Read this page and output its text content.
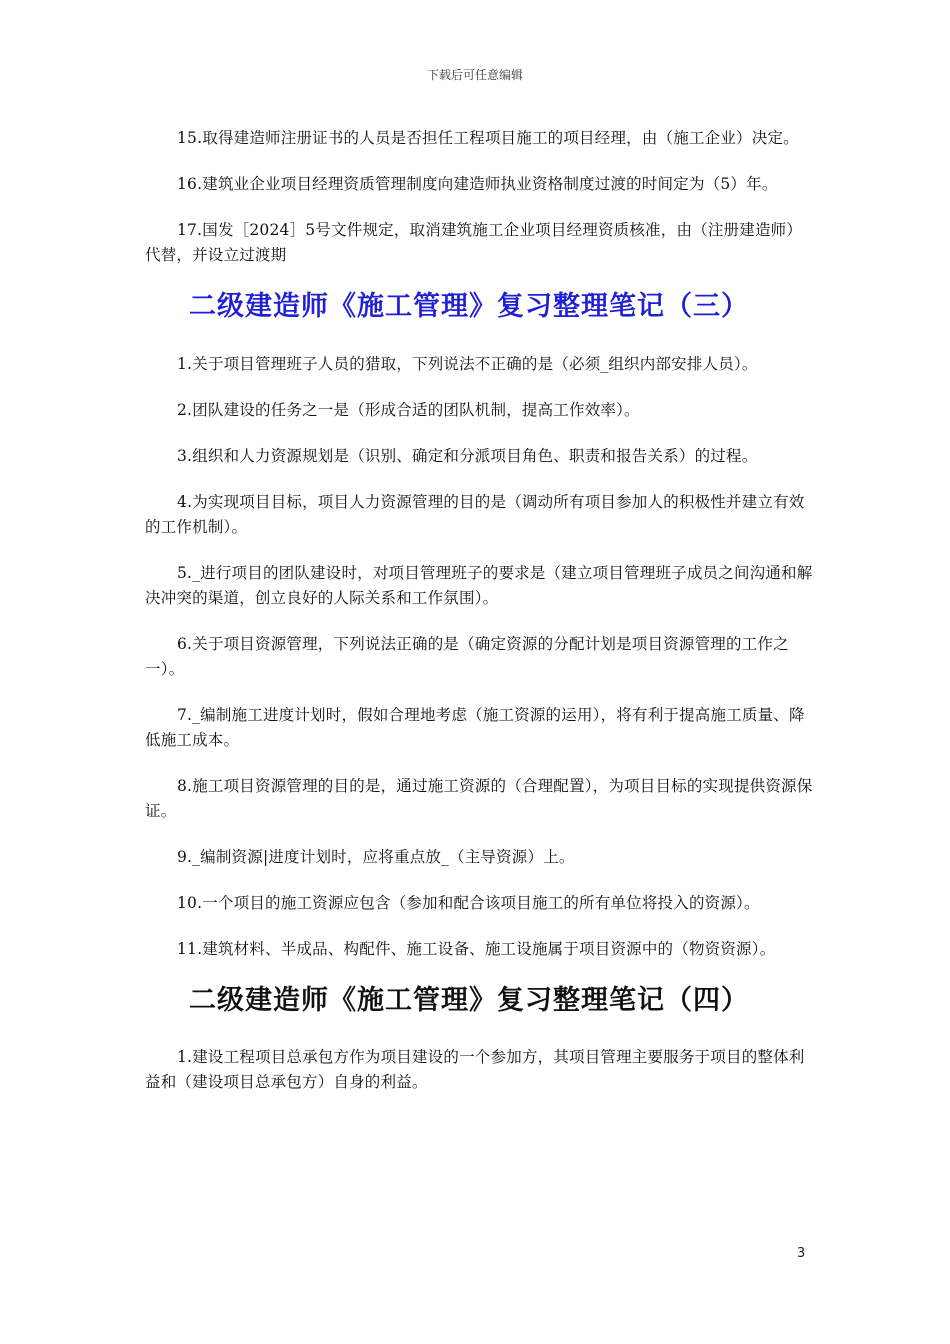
下载后可任意编辑

15.取得建造师注册证书的人员是否担任工程项目施工的项目经理，由（施工企业）决定。

16.建筑业企业项目经理资质管理制度向建造师执业资格制度过渡的时间定为（5）年。

17.国发［2024］5号文件规定，取消建筑施工企业项目经理资质核准，由（注册建造师）代替，并设立过渡期

二级建造师《施工管理》复习整理笔记（三）

1.关于项目管理班子人员的猎取，下列说法不正确的是（必须_组织内部安排人员）。

2.团队建设的任务之一是（形成合适的团队机制，提高工作效率）。

3.组织和人力资源规划是（识别、确定和分派项目角色、职责和报告关系）的过程。

4.为实现项目目标，项目人力资源管理的目的是（调动所有项目参加人的积极性并建立有效的工作机制）。

5._进行项目的团队建设时，对项目管理班子的要求是（建立项目管理班子成员之间沟通和解决冲突的渠道，创立良好的人际关系和工作氛围）。

6.关于项目资源管理，下列说法正确的是（确定资源的分配计划是项目资源管理的工作之一）。

7._编制施工进度计划时，假如合理地考虑（施工资源的运用），将有利于提高施工质量、降低施工成本。

8.施工项目资源管理的目的是，通过施工资源的（合理配置），为项目目标的实现提供资源保证。

9._编制资源|进度计划时，应将重点放_（主导资源）上。

10.一个项目的施工资源应包含（参加和配合该项目施工的所有单位将投入的资源）。

11.建筑材料、半成品、构配件、施工设备、施工设施属于项目资源中的（物资资源）。

二级建造师《施工管理》复习整理笔记（四）

1.建设工程项目总承包方作为项目建设的一个参加方，其项目管理主要服务于项目的整体利益和（建设项目总承包方）自身的利益。

3
